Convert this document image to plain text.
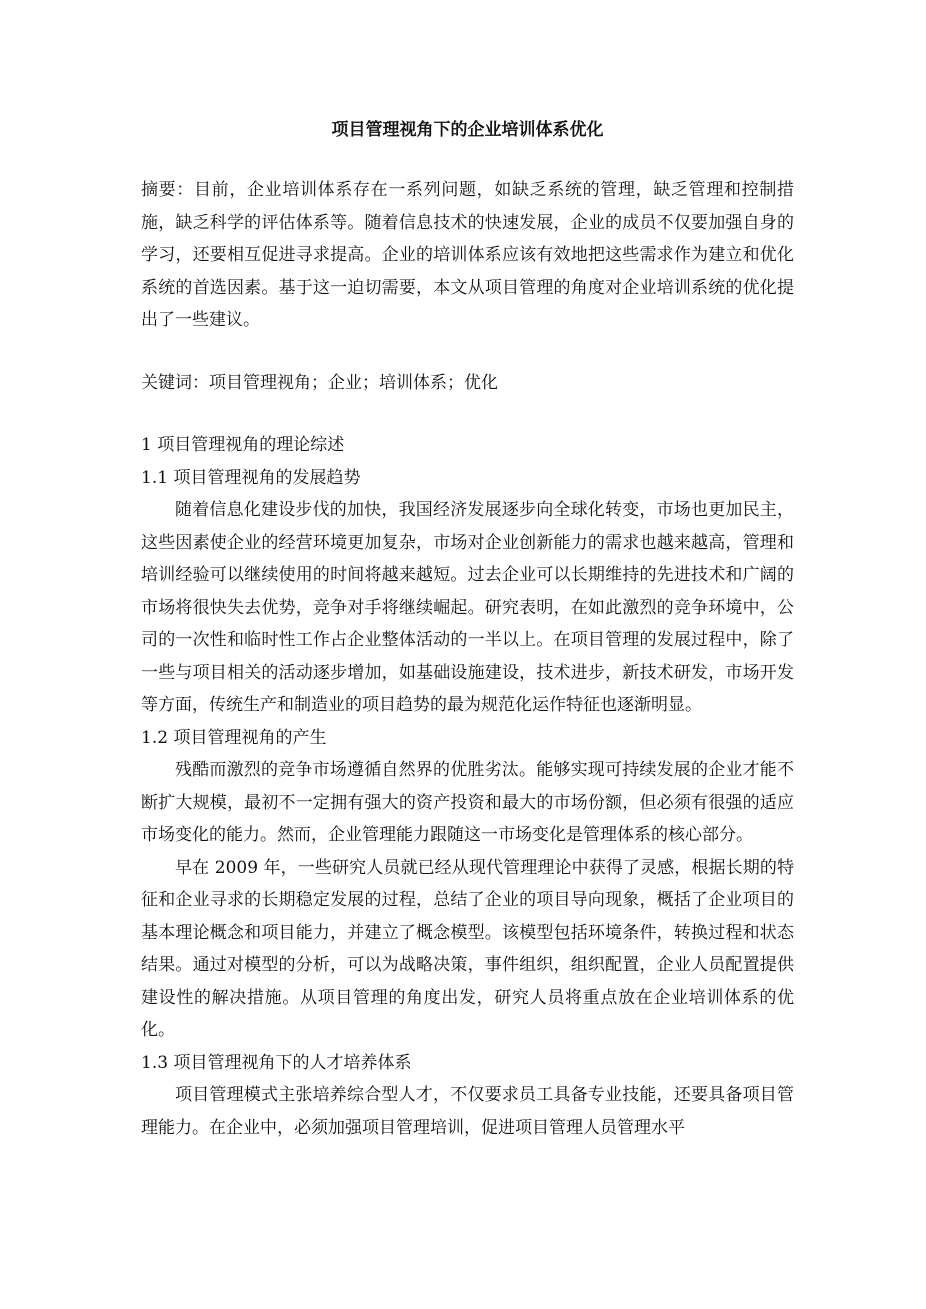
项目管理视角下的企业培训体系优化

摘要：目前，企业培训体系存在一系列问题，如缺乏系统的管理，缺乏管理和控制措施，缺乏科学的评估体系等。随着信息技术的快速发展，企业的成员不仅要加强自身的学习，还要相互促进寻求提高。企业的培训体系应该有效地把这些需求作为建立和优化系统的首选因素。基于这一迫切需要，本文从项目管理的角度对企业培训系统的优化提出了一些建议。

关键词：项目管理视角；企业；培训体系；优化

1 项目管理视角的理论综述

1.1 项目管理视角的发展趋势

随着信息化建设步伐的加快，我国经济发展逐步向全球化转变，市场也更加民主，这些因素使企业的经营环境更加复杂，市场对企业创新能力的需求也越来越高，管理和培训经验可以继续使用的时间将越来越短。过去企业可以长期维持的先进技术和广阔的市场将很快失去优势，竞争对手将继续崛起。研究表明，在如此激烈的竞争环境中，公司的一次性和临时性工作占企业整体活动的一半以上。在项目管理的发展过程中，除了一些与项目相关的活动逐步增加，如基础设施建设，技术进步，新技术研发，市场开发等方面，传统生产和制造业的项目趋势的最为规范化运作特征也逐渐明显。

1.2 项目管理视角的产生

残酷而激烈的竞争市场遵循自然界的优胜劣汰。能够实现可持续发展的企业才能不断扩大规模，最初不一定拥有强大的资产投资和最大的市场份额，但必须有很强的适应市场变化的能力。然而，企业管理能力跟随这一市场变化是管理体系的核心部分。

早在 2009 年，一些研究人员就已经从现代管理理论中获得了灵感，根据长期的特征和企业寻求的长期稳定发展的过程，总结了企业的项目导向现象，概括了企业项目的基本理论概念和项目能力，并建立了概念模型。该模型包括环境条件，转换过程和状态结果。通过对模型的分析，可以为战略决策，事件组织，组织配置，企业人员配置提供建设性的解决措施。从项目管理的角度出发，研究人员将重点放在企业培训体系的优化。

1.3 项目管理视角下的人才培养体系

项目管理模式主张培养综合型人才，不仅要求员工具备专业技能，还要具备项目管理能力。在企业中，必须加强项目管理培训，促进项目管理人员管理水平
